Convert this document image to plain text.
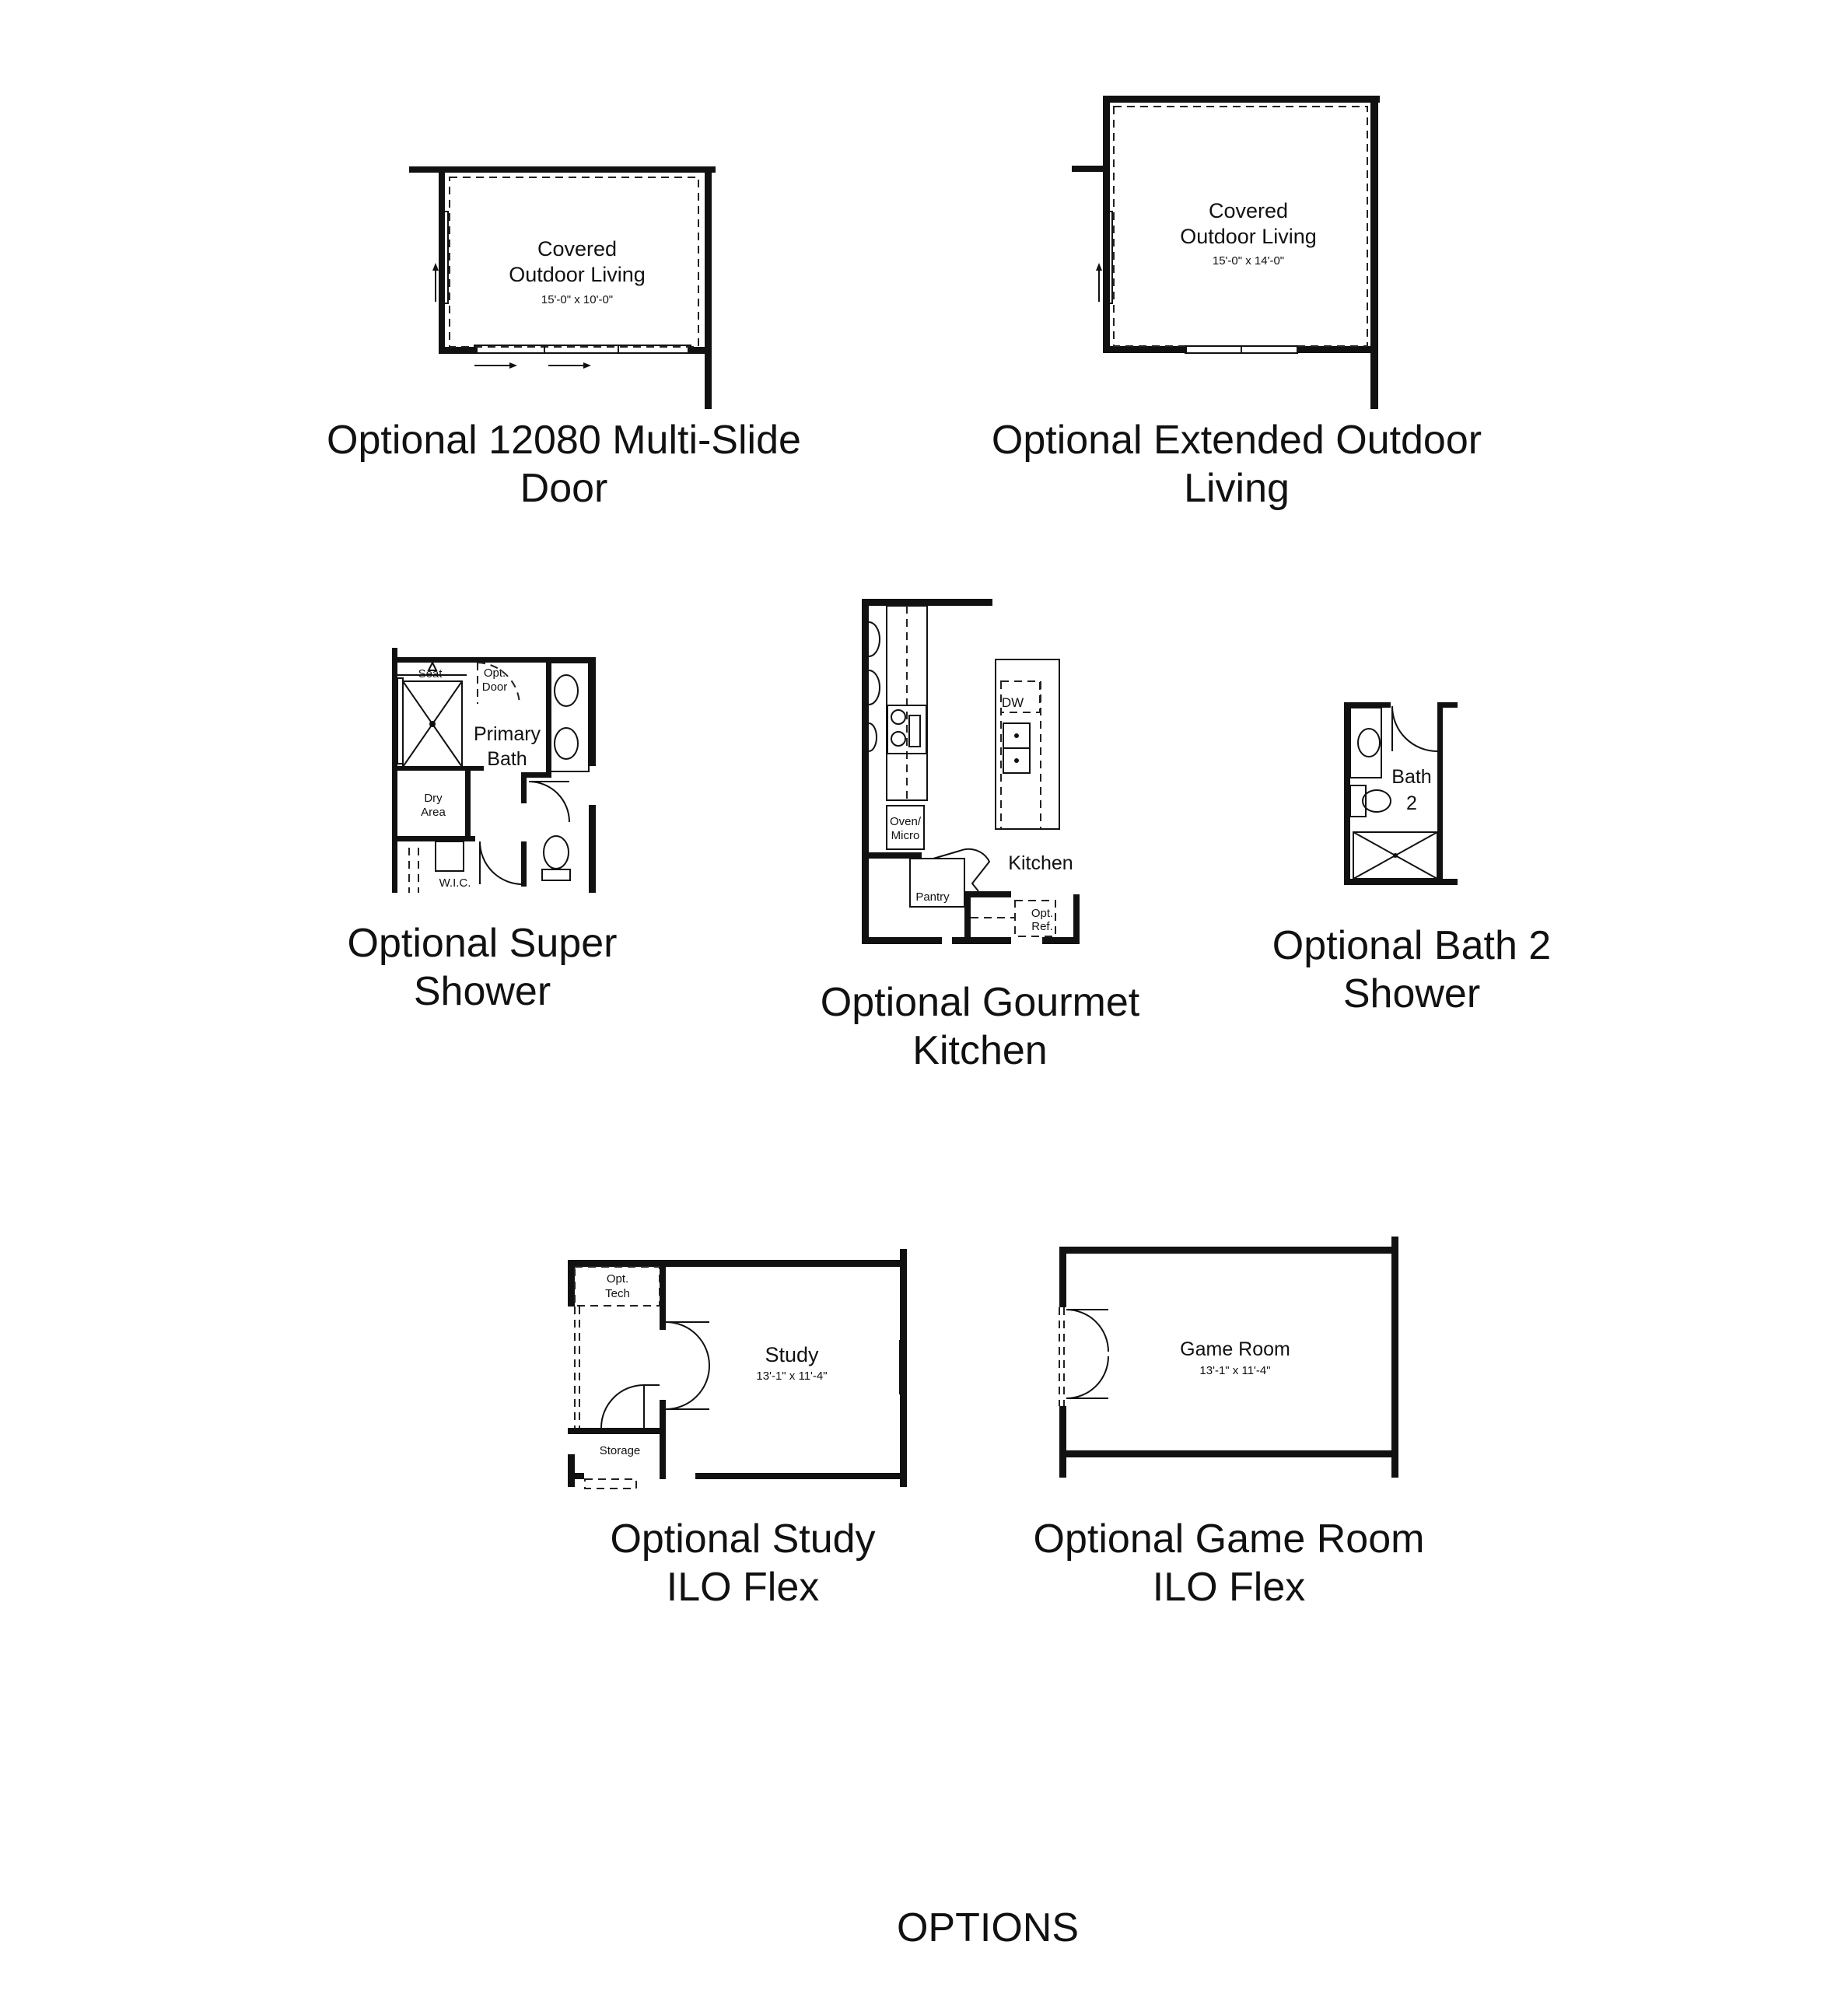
Covered
Outdoor Living
15'-0" x 10'-0"
Covered
Outdoor Living
15'-0" x 14'-0"
Seat	Opt.
Door
Primary
Bath
Dry
Area
W.I.C.
Oven/
Micro
DW
Pantry
Opt.
Ref.
Kitchen
Bath
2
Opt.
Tech
Study
13'-1" x 11'-4"
Storage
Game Room
13'-1" x 11'-4"
Optional 12080 Multi-Slide
Door
Optional Extended Outdoor
Living
Optional Super
Shower	Optional Gourmet
Kitchen
Optional Bath 2
Shower
Optional Study
ILO Flex
Optional Game Room
ILO Flex
OPTIONS
